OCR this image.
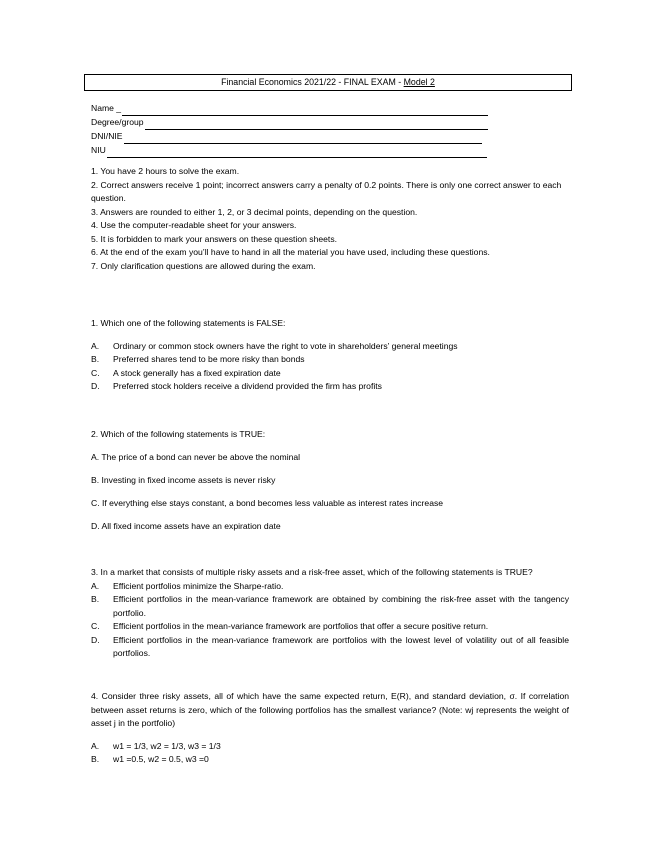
Financial Economics 2021/22 - FINAL EXAM - Model 2
Name _
Degree/group
DNI/NIE
NIU

1. You have 2 hours to solve the exam.

2. Correct answers receive 1 point; incorrect answers carry a penalty of 0.2 points. There is only one correct answer to each question.

3. Answers are rounded to either 1, 2, or 3 decimal points, depending on the question.

4. Use the computer-readable sheet for your answers.

5. It is forbidden to mark your answers on these question sheets.

6. At the end of the exam you’ll have to hand in all the material you have used, including these questions.

7. Only clarification questions are allowed during the exam.

1. Which one of the following statements is FALSE:

A.	Ordinary or common stock owners have the right to vote in shareholders’ general meetings
B.	Preferred shares tend to be more risky than bonds
C.	A stock generally has a fixed expiration date
D.	Preferred stock holders receive a dividend provided the firm has profits

2. Which of the following statements is TRUE:

A. The price of a bond can never be above the nominal

B. Investing in fixed income assets is never risky

C. If everything else stays constant, a bond becomes less valuable as interest rates increase

D. All fixed income assets have an expiration date

3. In a market that consists of multiple risky assets and a risk-free asset, which of the following statements is TRUE?

A.	Efficient portfolios minimize the Sharpe-ratio.
B.	Efficient portfolios in the mean-variance framework are obtained by combining the risk-free asset with the tangency portfolio.
C.	Efficient portfolios in the mean-variance framework are portfolios that offer a secure positive return.
D.	Efficient portfolios in the mean-variance framework are portfolios with the lowest level of volatility out of all feasible portfolios.

4. Consider three risky assets, all of which have the same expected return, E(R), and standard deviation, σ. If correlation between asset returns is zero, which of the following portfolios has the smallest variance? (Note: wj represents the weight of asset j in the portfolio)

A.	w1 = 1/3, w2 = 1/3, w3 = 1/3
B.	w1 =0.5, w2 = 0.5, w3 =0
